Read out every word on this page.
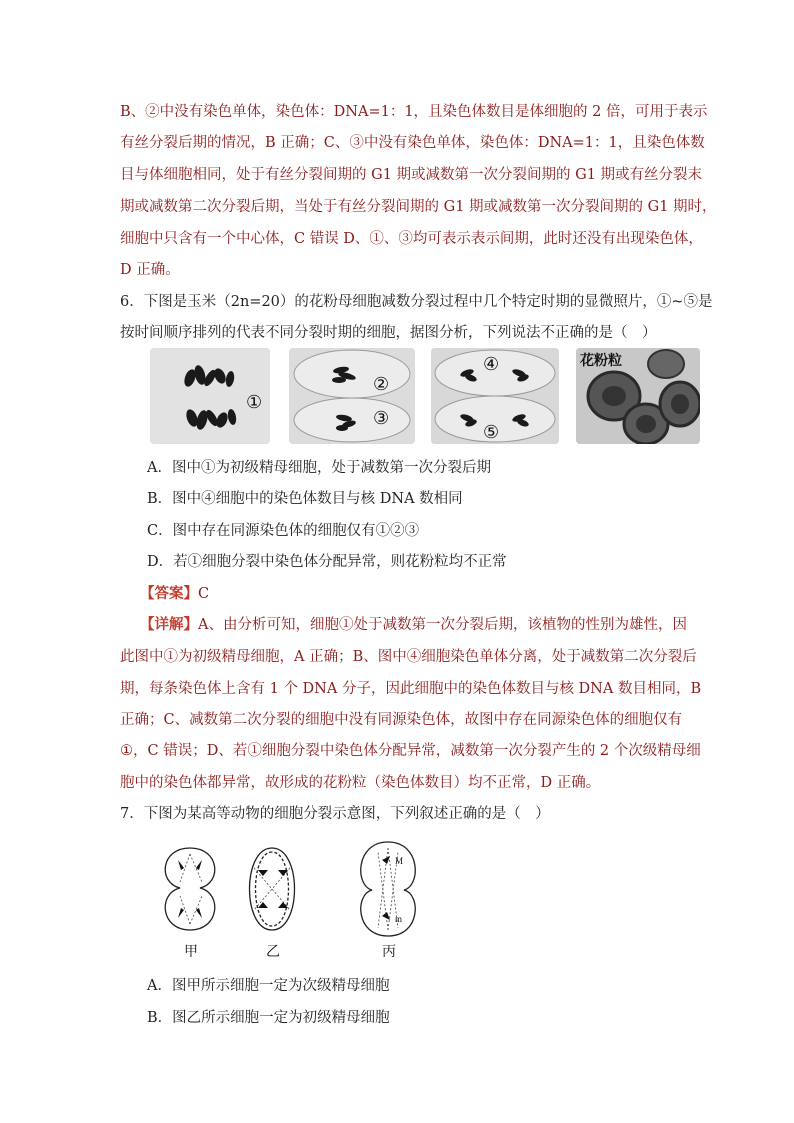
B、②中没有染色单体，染色体：DNA=1：1，且染色体数目是体细胞的 2 倍，可用于表示
有丝分裂后期的情况，B 正确；C、③中没有染色单体，染色体：DNA=1：1，且染色体数
目与体细胞相同，处于有丝分裂间期的 G1 期或减数第一次分裂间期的 G1 期或有丝分裂末
期或减数第二次分裂后期，当处于有丝分裂间期的 G1 期或减数第一次分裂间期的 G1 期时，
细胞中只含有一个中心体，C 错误 D、①、③均可表示表示间期，此时还没有出现染色体，
D 正确。
6．下图是玉米（2n=20）的花粉母细胞减数分裂过程中几个特定时期的显微照片，①~⑤是
按时间顺序排列的代表不同分裂时期的细胞，据图分析，下列说法不正确的是（　）
①
②
③
④
⑤
花粉粒
A．图中①为初级精母细胞，处于减数第一次分裂后期
B．图中④细胞中的染色体数目与核 DNA 数相同
C．图中存在同源染色体的细胞仅有①②③
D．若①细胞分裂中染色体分配异常，则花粉粒均不正常
【答案】C
【详解】A、由分析可知，细胞①处于减数第一次分裂后期，该植物的性别为雄性，因
此图中①为初级精母细胞，A 正确；B、图中④细胞染色单体分离，处于减数第二次分裂后
期，每条染色体上含有 1 个 DNA 分子，因此细胞中的染色体数目与核 DNA 数目相同，B
正确；C、减数第二次分裂的细胞中没有同源染色体，故图中存在同源染色体的细胞仅有
①，C 错误；D、若①细胞分裂中染色体分配异常，减数第一次分裂产生的 2 个次级精母细
胞中的染色体都异常，故形成的花粉粒（染色体数目）均不正常，D 正确。
7．下图为某高等动物的细胞分裂示意图，下列叙述正确的是（　）
M
m
甲	乙	丙
A．图甲所示细胞一定为次级精母细胞
B．图乙所示细胞一定为初级精母细胞
